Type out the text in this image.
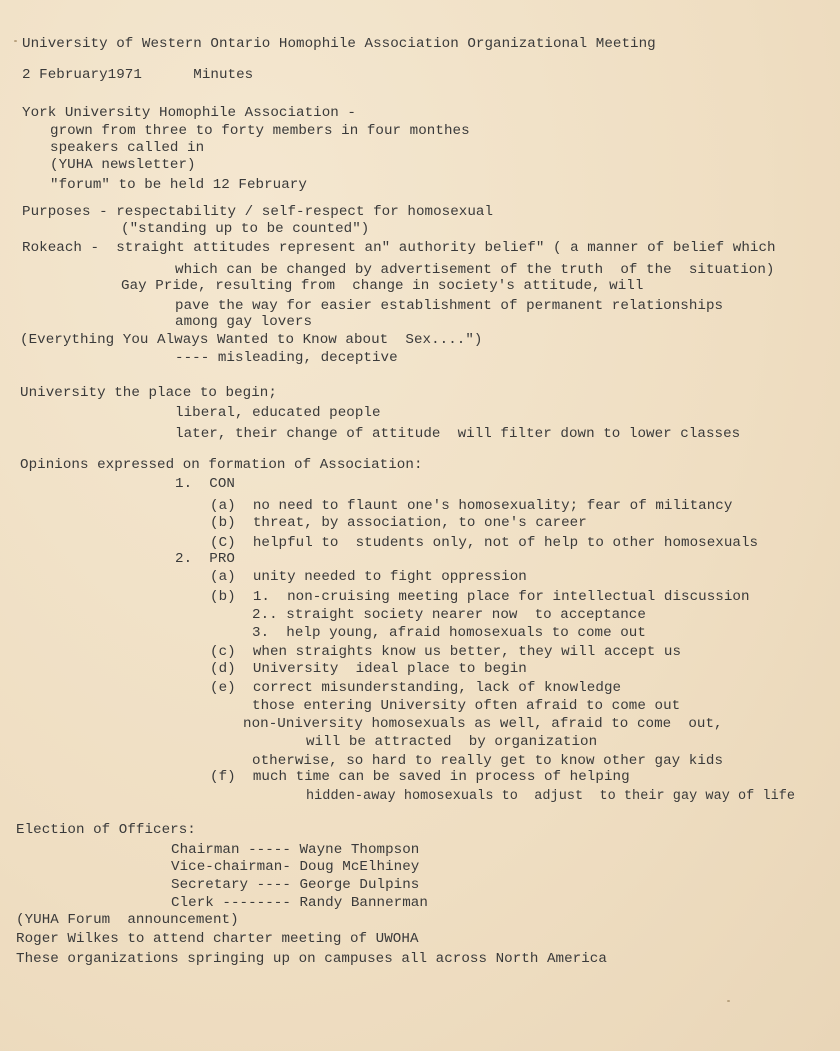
University of Western Ontario Homophile Association Organizational Meeting
2 February1971      Minutes
York University Homophile Association -
grown from three to forty members in four monthes
speakers called in
(YUHA newsletter)
"forum" to be held 12 February
Purposes - respectability / self-respect for homosexual
("standing up to be counted")
Rokeach -  straight attitudes represent an" authority belief" ( a manner of belief which
which can be changed by advertisement of the truth  of the  situation)
Gay Pride, resulting from  change in society's attitude, will
pave the way for easier establishment of permanent relationships
among gay lovers
(Everything You Always Wanted to Know about  Sex....")
---- misleading, deceptive
University the place to begin;
liberal, educated people
later, their change of attitude  will filter down to lower classes
Opinions expressed on formation of Association:
1.  CON
(a)  no need to flaunt one's homosexuality; fear of militancy
(b)  threat, by association, to one's career
(C)  helpful to  students only, not of help to other homosexuals
2.  PRO
(a)  unity needed to fight oppression
(b)  1.  non-cruising meeting place for intellectual discussion
2.. straight society nearer now  to acceptance
3.  help young, afraid homosexuals to come out
(c)  when straights know us better, they will accept us
(d)  University  ideal place to begin
(e)  correct misunderstanding, lack of knowledge
those entering University often afraid to come out
non-University homosexuals as well, afraid to come  out,
will be attracted  by organization
otherwise, so hard to really get to know other gay kids
(f)  much time can be saved in process of helping
hidden-away homosexuals to  adjust  to their gay way of life
Election of Officers:
Chairman ----- Wayne Thompson
Vice-chairman- Doug McElhiney
Secretary ---- George Dulpins
Clerk -------- Randy Bannerman
(YUHA Forum  announcement)
Roger Wilkes to attend charter meeting of UWOHA
These organizations springing up on campuses all across North America
